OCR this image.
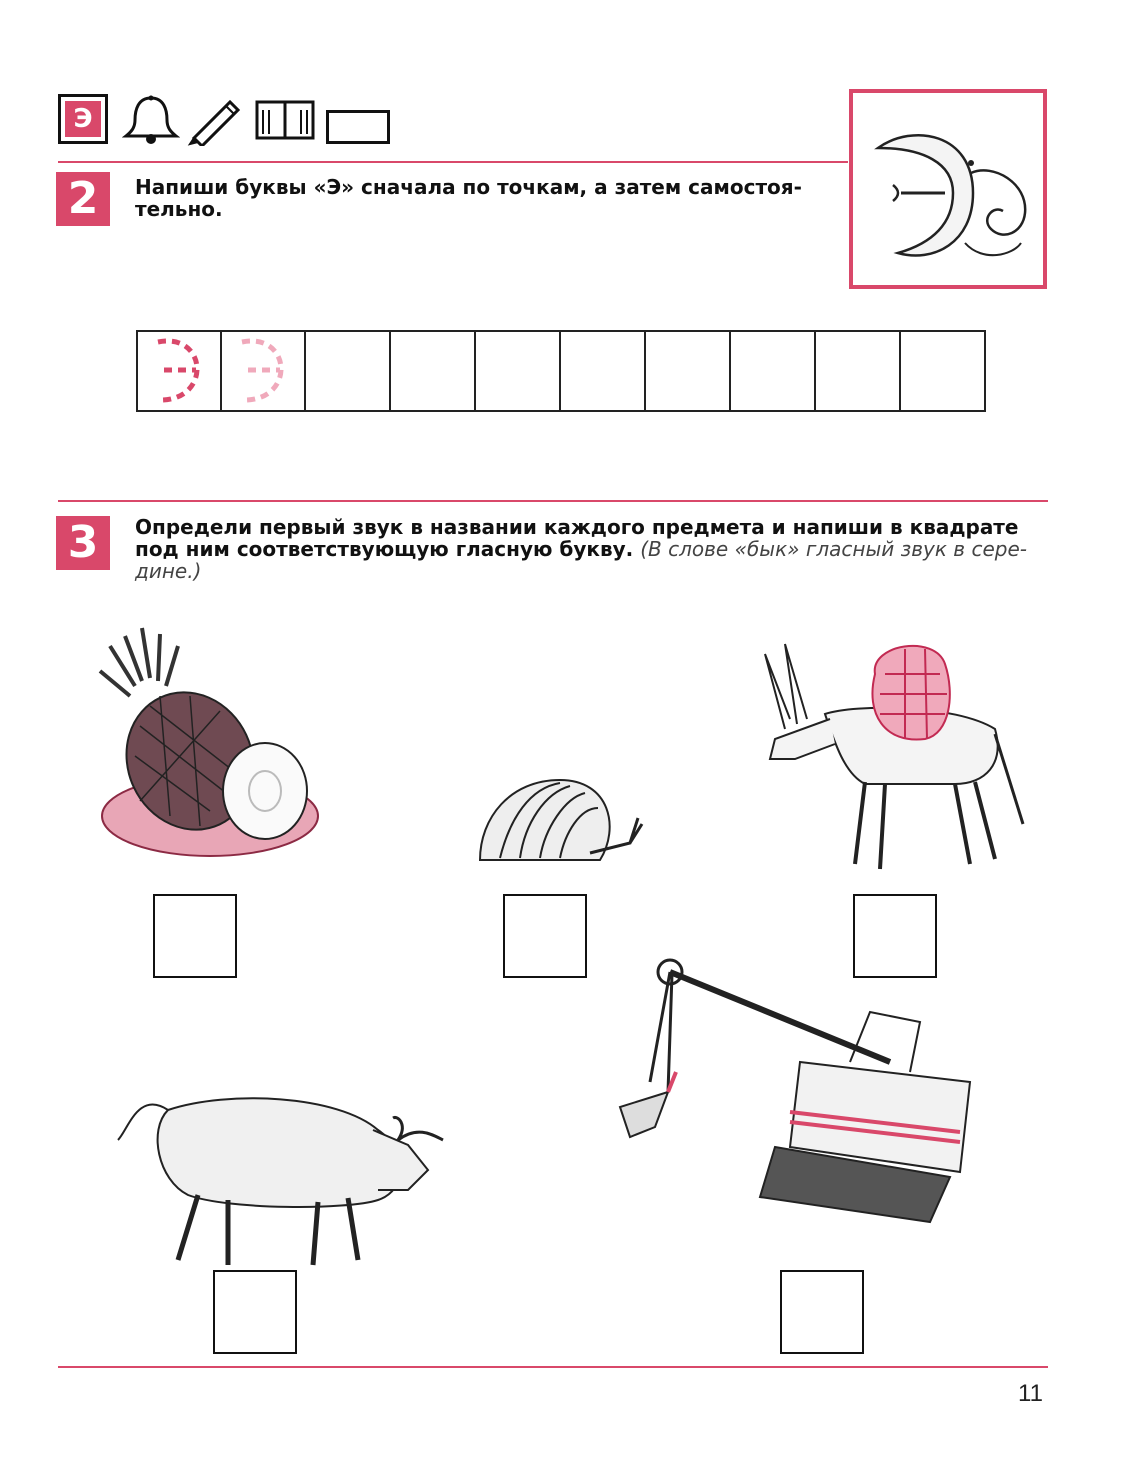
Э
2	Напиши буквы «Э» сначала по точкам, а затем самостоя-
тельно.
3	Определи первый звук в названии каждого предмета и напиши в квадрате
под ним соответствующую гласную букву. (В слове «бык» гласный звук в сере-
дине.)
11
